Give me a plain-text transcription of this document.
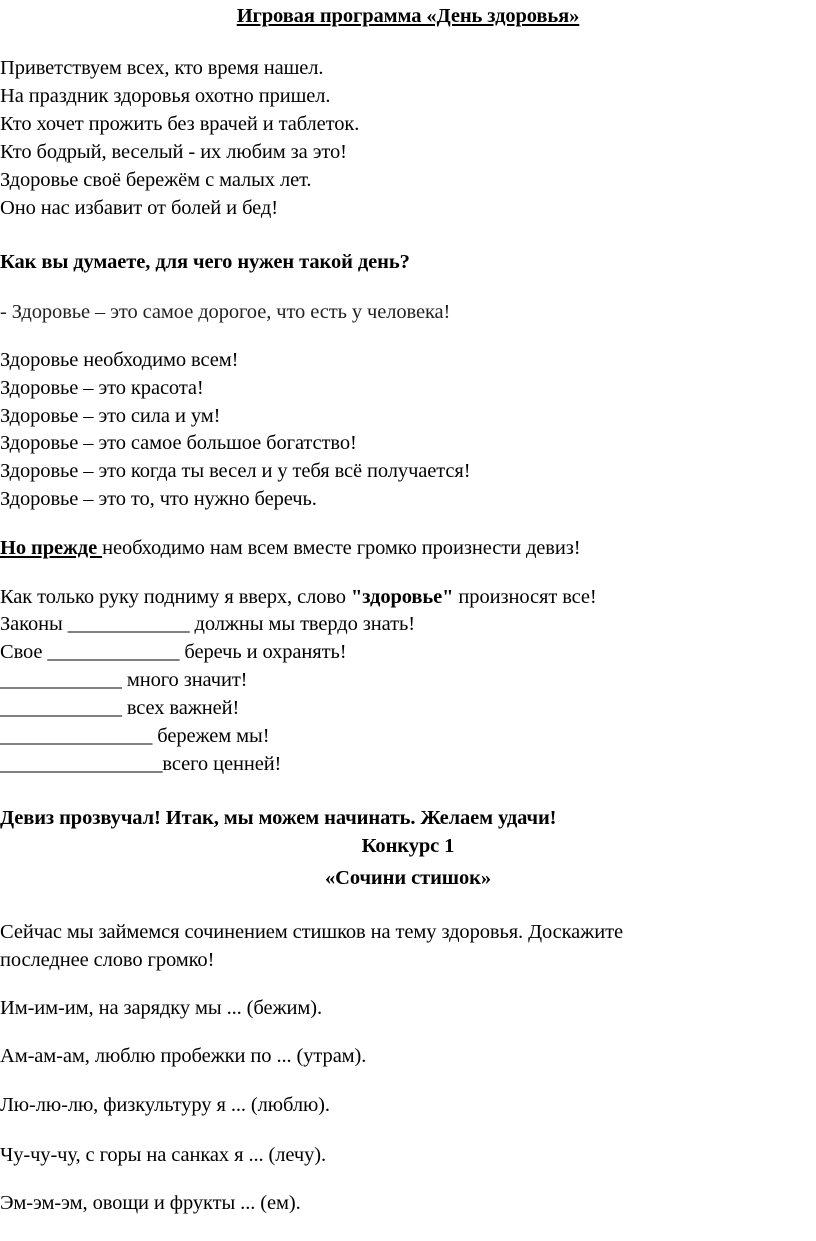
Игровая программа «День здоровья»
Приветствуем всех, кто время нашел.
На праздник здоровья охотно пришел.
Кто хочет прожить без врачей и таблеток.
Кто бодрый, веселый - их любим за это!
Здоровье своё бережём с малых лет.
Оно нас избавит от болей и бед!
Как вы думаете, для чего нужен такой день?
- Здоровье – это самое дорогое, что есть у человека!
Здоровье необходимо всем!
Здоровье – это красота!
Здоровье – это сила и ум!
Здоровье – это самое большое богатство!
Здоровье – это когда ты весел и у тебя всё получается!
Здоровье – это то, что нужно беречь.
Но прежде необходимо нам всем вместе громко произнести девиз!
Как только руку подниму я вверх, слово "здоровье" произносят все!
Законы ____________ должны мы твердо знать!
Свое _____________ беречь и охранять!
____________ много значит!
____________ всех важней!
_______________ бережем мы!
________________всего ценней!
Девиз прозвучал! Итак, мы можем начинать. Желаем удачи!
Конкурс 1
«Сочини стишок»
Сейчас мы займемся сочинением стишков на тему здоровья. Доскажите
последнее слово громко!
Им-им-им, на зарядку мы ... (бежим).
Ам-ам-ам, люблю пробежки по ... (утрам).
Лю-лю-лю, физкультуру я ... (люблю).
Чу-чу-чу, с горы на санках я ... (лечу).
Эм-эм-эм, овощи и фрукты ... (ем).
